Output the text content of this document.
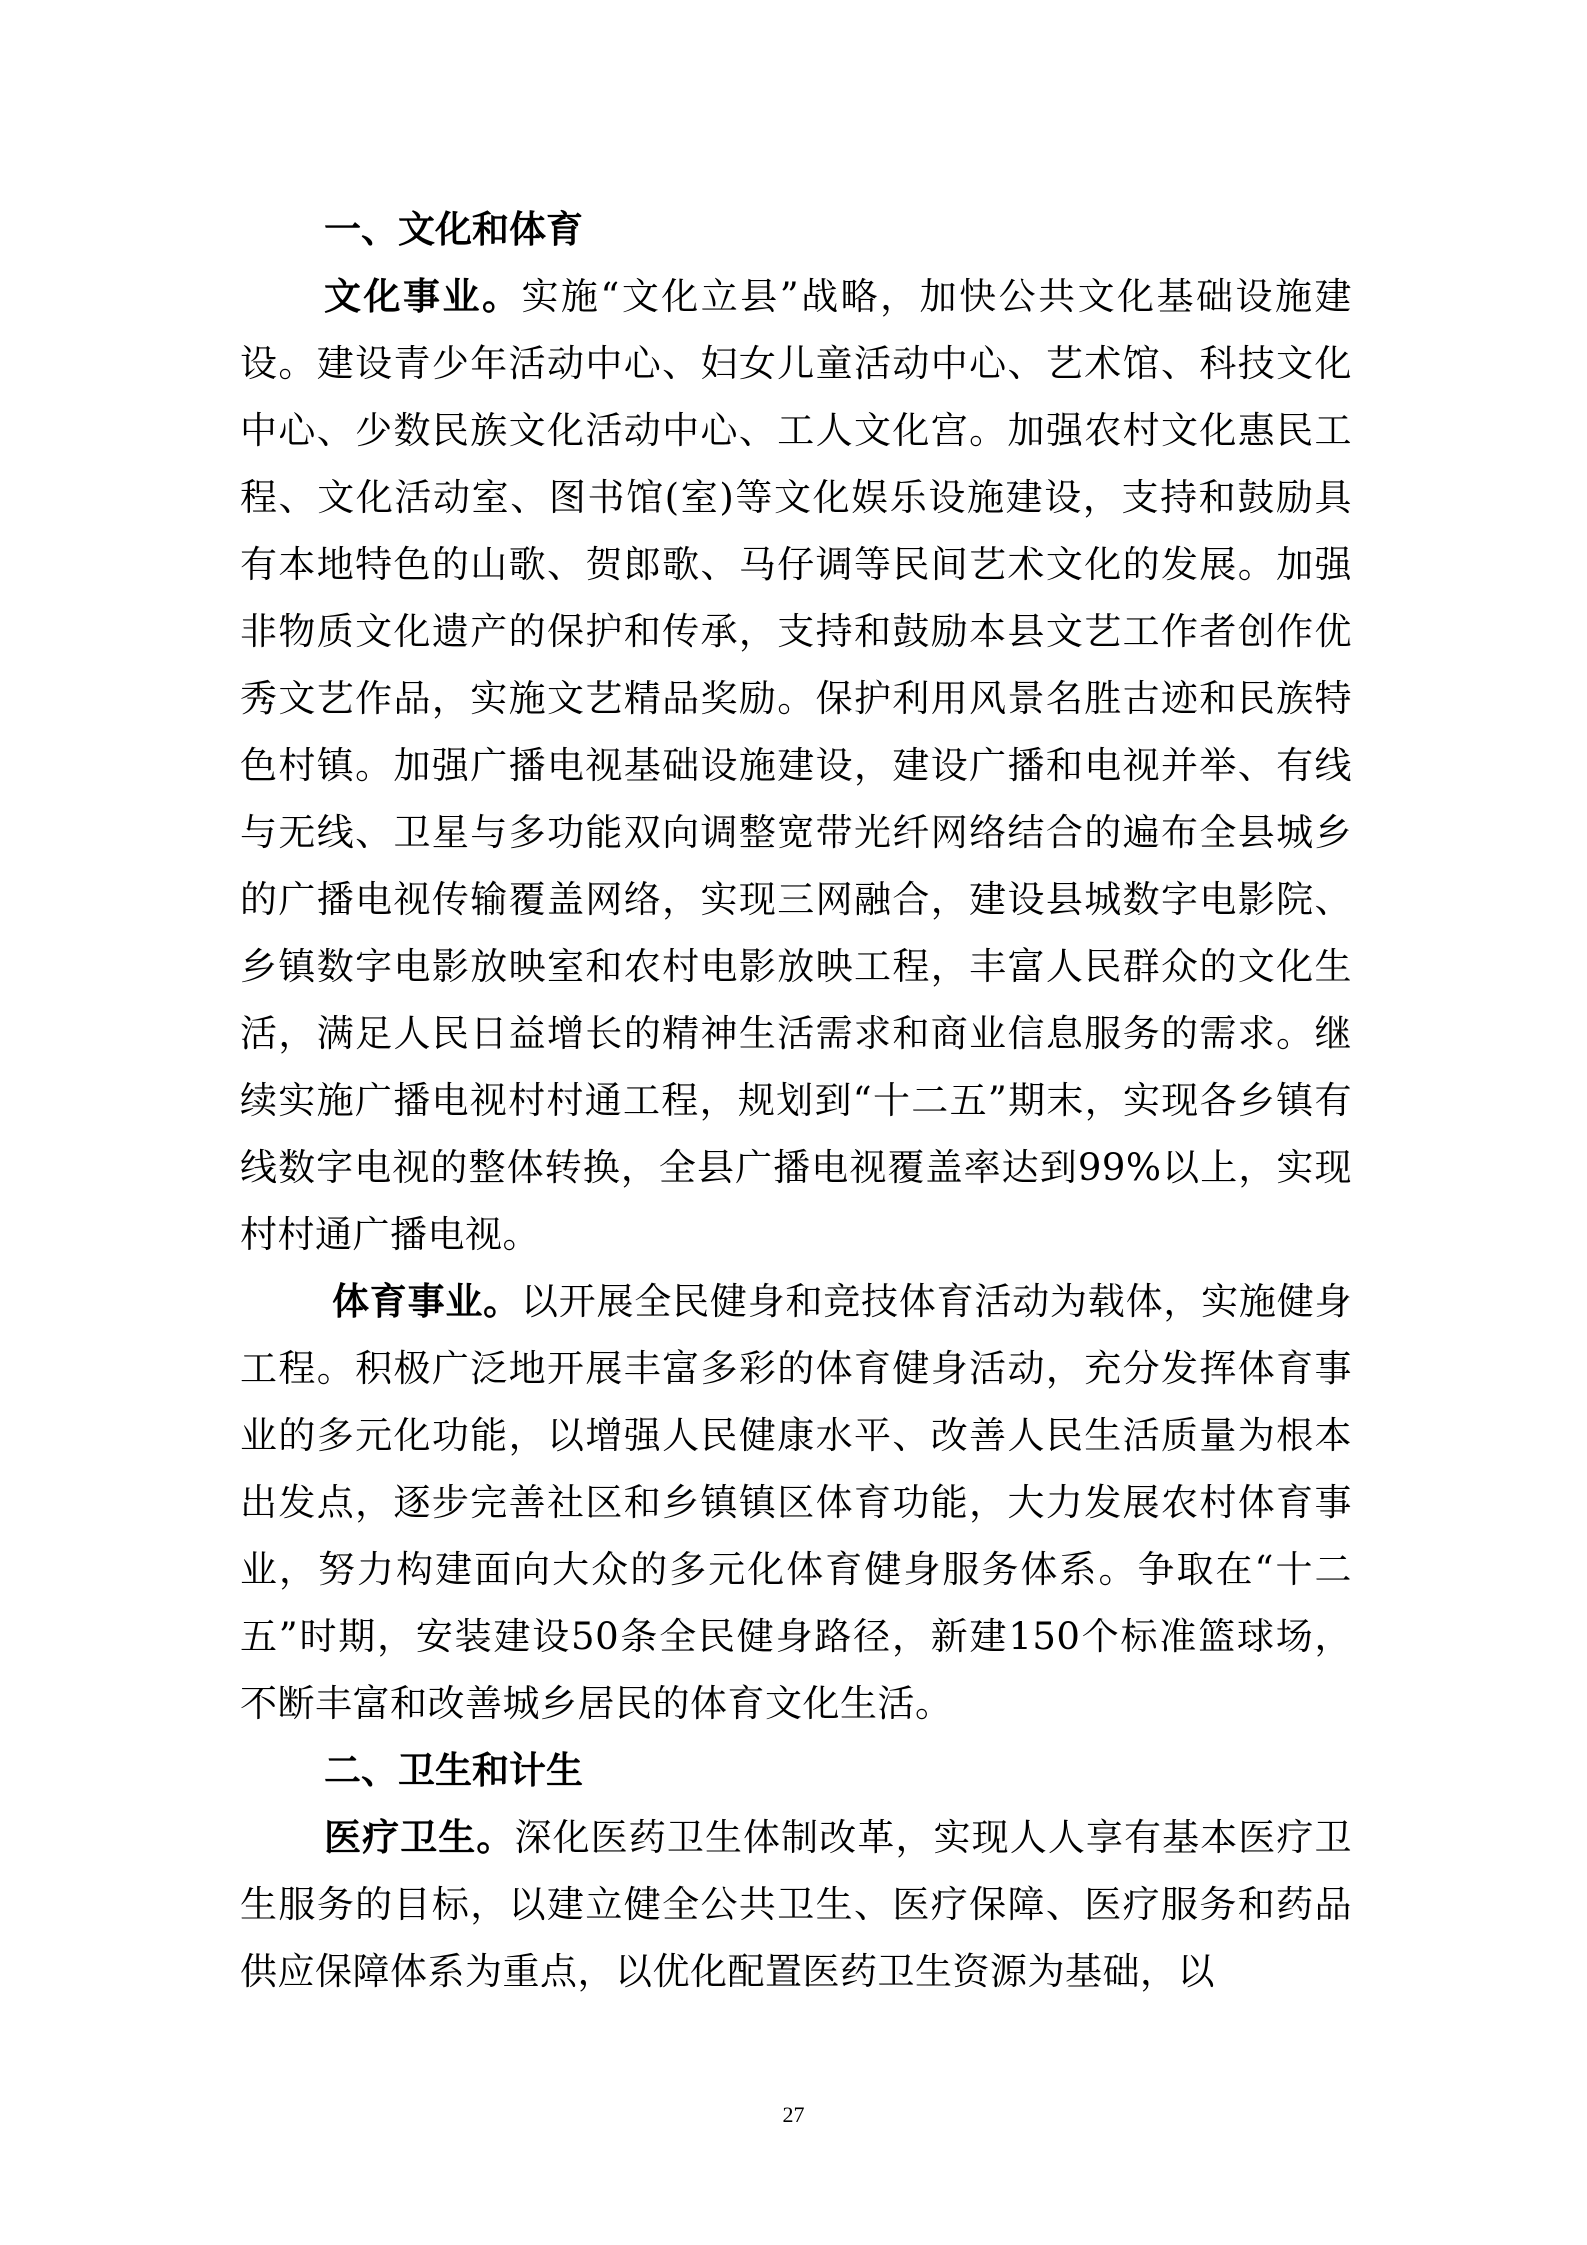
一、文化和体育

文化事业。实施“文化立县”战略，加快公共文化基础设施建设。建设青少年活动中心、妇女儿童活动中心、艺术馆、科技文化中心、少数民族文化活动中心、工人文化宫。加强农村文化惠民工程、文化活动室、图书馆(室)等文化娱乐设施建设，支持和鼓励具有本地特色的山歌、贺郎歌、马仔调等民间艺术文化的发展。加强非物质文化遗产的保护和传承，支持和鼓励本县文艺工作者创作优秀文艺作品，实施文艺精品奖励。保护利用风景名胜古迹和民族特色村镇。加强广播电视基础设施建设，建设广播和电视并举、有线与无线、卫星与多功能双向调整宽带光纤网络结合的遍布全县城乡的广播电视传输覆盖网络，实现三网融合，建设县城数字电影院、乡镇数字电影放映室和农村电影放映工程，丰富人民群众的文化生活，满足人民日益增长的精神生活需求和商业信息服务的需求。继续实施广播电视村村通工程，规划到“十二五”期末，实现各乡镇有线数字电视的整体转换，全县广播电视覆盖率达到99%以上，实现村村通广播电视。

体育事业。以开展全民健身和竞技体育活动为载体，实施健身工程。积极广泛地开展丰富多彩的体育健身活动，充分发挥体育事业的多元化功能，以增强人民健康水平、改善人民生活质量为根本出发点，逐步完善社区和乡镇镇区体育功能，大力发展农村体育事业，努力构建面向大众的多元化体育健身服务体系。争取在“十二五”时期，安装建设50条全民健身路径，新建150个标准篮球场，不断丰富和改善城乡居民的体育文化生活。

二、卫生和计生

医疗卫生。深化医药卫生体制改革，实现人人享有基本医疗卫生服务的目标，以建立健全公共卫生、医疗保障、医疗服务和药品供应保障体系为重点，以优化配置医药卫生资源为基础，以

27
